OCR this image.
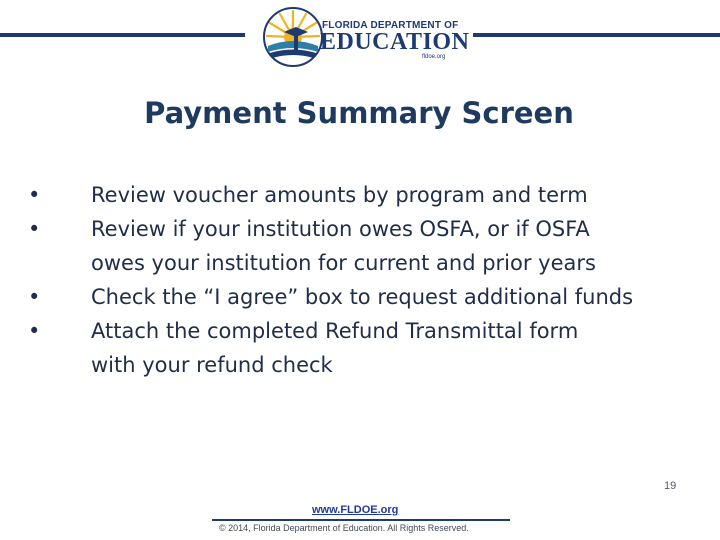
FLORIDA DEPARTMENT OF
EDUCATION
fldoe.org
Payment Summary Screen
• Review voucher amounts by program and term
• Review if your institution owes OSFA, or if OSFA
owes your institution for current and prior years
• Check the “I agree” box to request additional funds
• Attach the completed Refund Transmittal form
with your refund check
www.FLDOE.org
© 2014, Florida Department of Education. All Rights Reserved.
19
